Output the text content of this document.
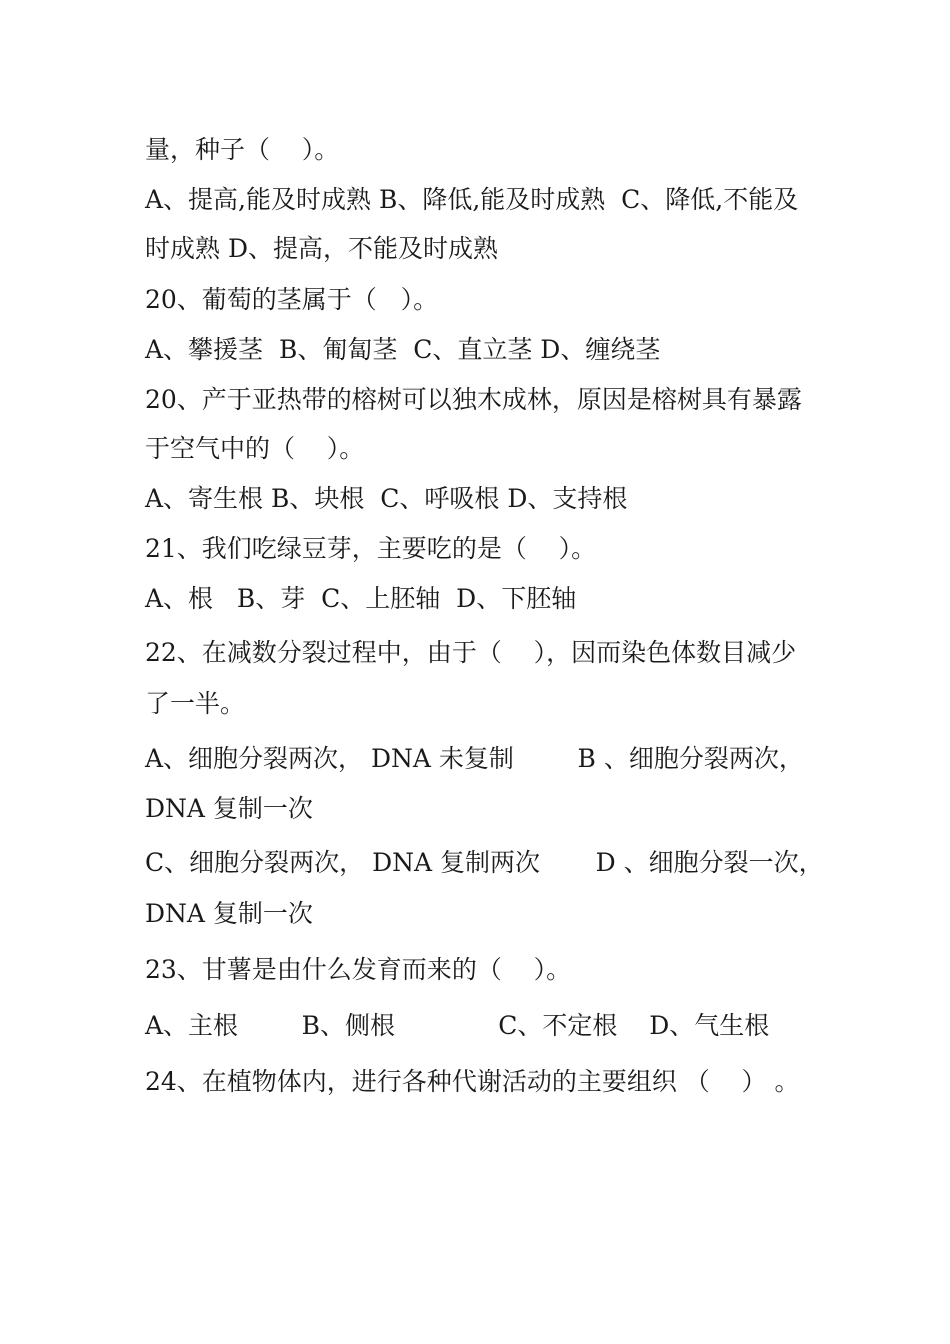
量，种子（    ）。
A、提高,能及时成熟 B、降低,能及时成熟  C、降低,不能及
时成熟 D、提高，不能及时成熟
20、葡萄的茎属于（   ）。
A、攀援茎  B、匍匐茎  C、直立茎 D、缠绕茎
20、产于亚热带的榕树可以独木成林，原因是榕树具有暴露
于空气中的（    ）。
A、寄生根 B、块根  C、呼吸根 D、支持根
21、我们吃绿豆芽，主要吃的是（    ）。
A、根   B、芽  C、上胚轴  D、下胚轴
22、在减数分裂过程中，由于（    ），因而染色体数目减少
了一半。
A、细胞分裂两次， DNA 未复制        B 、细胞分裂两次，
DNA 复制一次
C、细胞分裂两次， DNA 复制两次       D 、细胞分裂一次，
DNA 复制一次
23、甘薯是由什么发育而来的（    ）。
A、主根        B、侧根             C、不定根    D、气生根
24、在植物体内，进行各种代谢活动的主要组织 （    ） 。
